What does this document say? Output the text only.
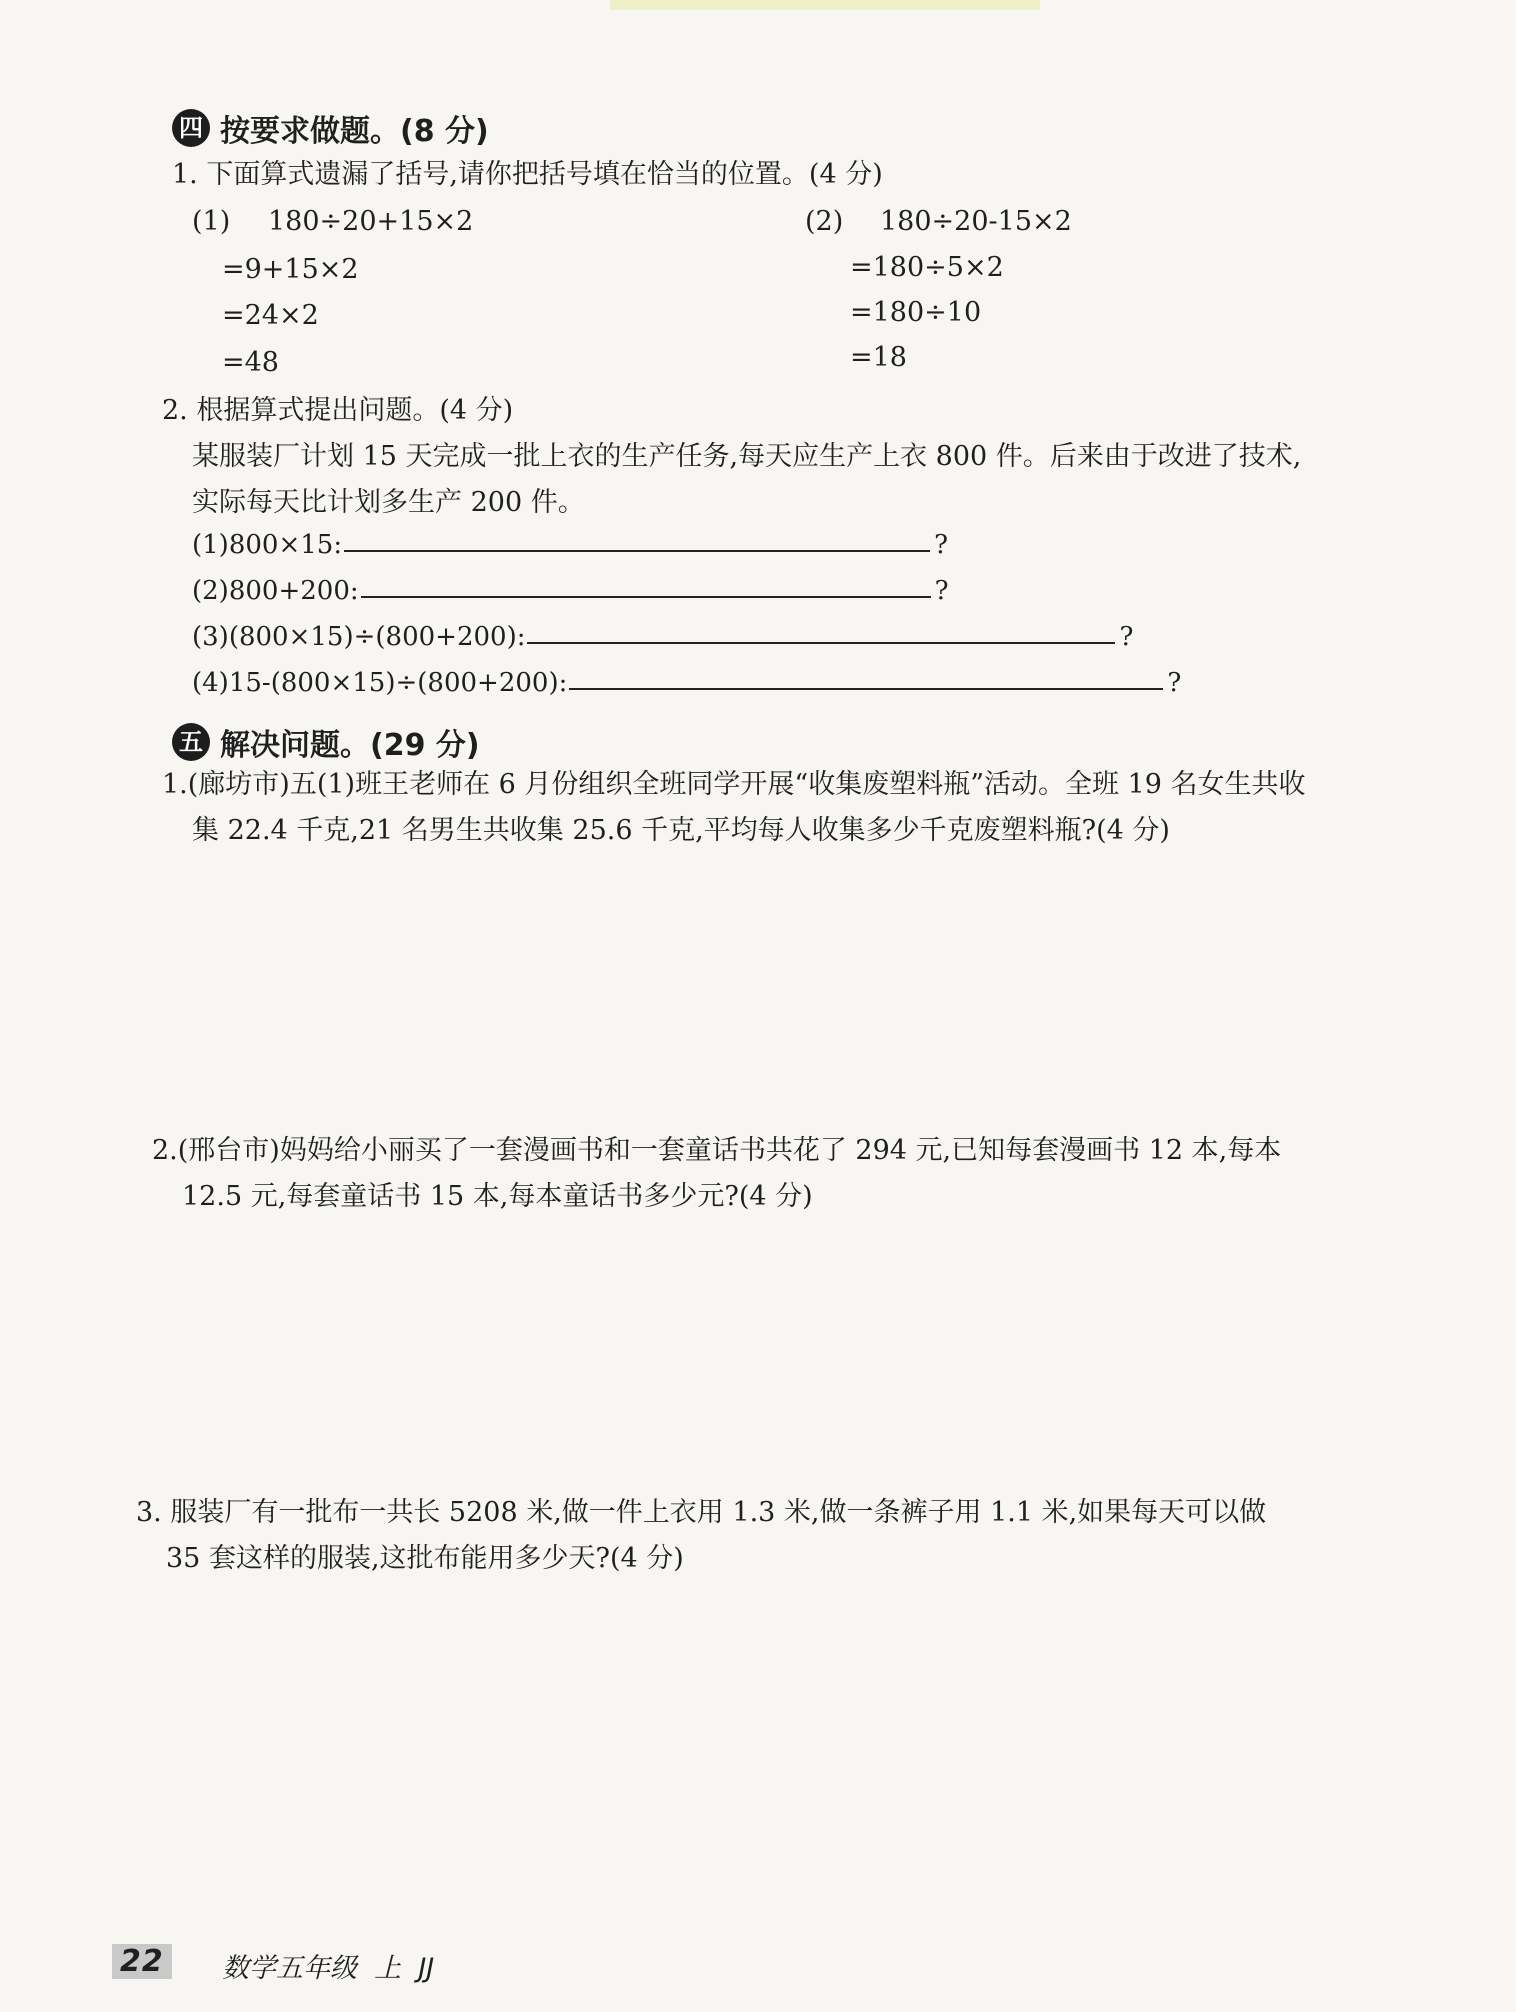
四 按要求做题。(8 分)
1. 下面算式遗漏了括号,请你把括号填在恰当的位置。(4 分)
(1) 180÷20+15×2
=9+15×2
=24×2
=48
(2) 180÷20-15×2
=180÷5×2
=180÷10
=18
2. 根据算式提出问题。(4 分)
某服装厂计划 15 天完成一批上衣的生产任务,每天应生产上衣 800 件。后来由于改进了技术,
实际每天比计划多生产 200 件。
(1)800×15:	?
(2)800+200:	?
(3)(800×15)÷(800+200):	?
(4)15-(800×15)÷(800+200):	?
五 解决问题。(29 分)
1.(廊坊市)五(1)班王老师在 6 月份组织全班同学开展“收集废塑料瓶”活动。全班 19 名女生共收
集 22.4 千克,21 名男生共收集 25.6 千克,平均每人收集多少千克废塑料瓶?(4 分)
2.(邢台市)妈妈给小丽买了一套漫画书和一套童话书共花了 294 元,已知每套漫画书 12 本,每本
12.5 元,每套童话书 15 本,每本童话书多少元?(4 分)
3. 服装厂有一批布一共长 5208 米,做一件上衣用 1.3 米,做一条裤子用 1.1 米,如果每天可以做
35 套这样的服装,这批布能用多少天?(4 分)
22 数学五年级  上  JJ
